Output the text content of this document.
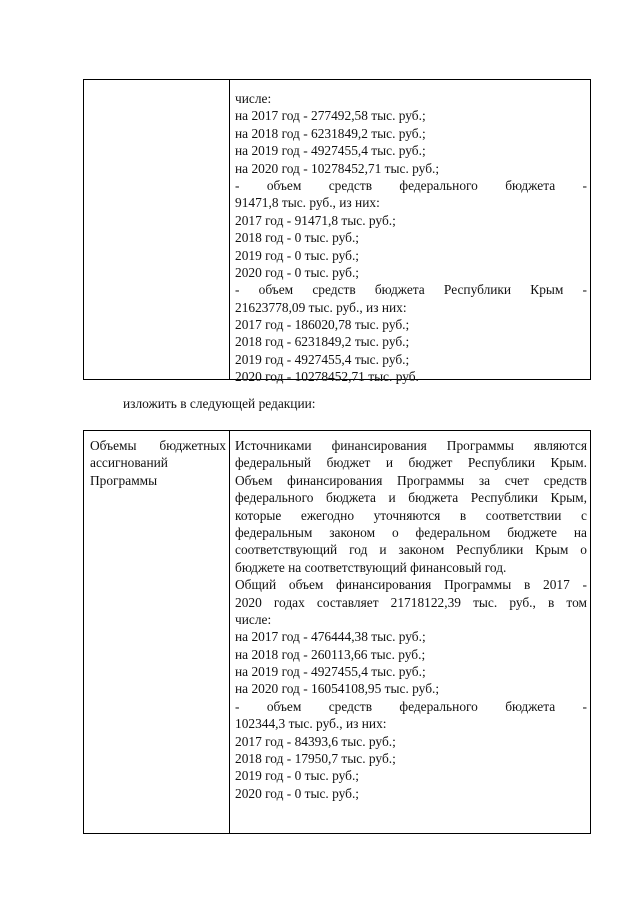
числе:
на 2017 год - 277492,58 тыс. руб.;
на 2018 год - 6231849,2 тыс. руб.;
на 2019 год - 4927455,4 тыс. руб.;
на 2020 год - 10278452,71 тыс. руб.;
- объем средств федерального бюджета -
91471,8 тыс. руб., из них:
2017 год - 91471,8 тыс. руб.;
2018 год - 0 тыс. руб.;
2019 год - 0 тыс. руб.;
2020 год - 0 тыс. руб.;
- объем средств бюджета Республики Крым -
21623778,09 тыс. руб., из них:
2017 год - 186020,78 тыс. руб.;
2018 год - 6231849,2 тыс. руб.;
2019 год - 4927455,4 тыс. руб.;
2020 год - 10278452,71 тыс. руб.
изложить в следующей редакции:
Объемы бюджетных
ассигнований
Программы
Источниками финансирования Программы являются
федеральный бюджет и бюджет Республики Крым.
Объем финансирования Программы за счет средств
федерального бюджета и бюджета Республики Крым,
которые ежегодно уточняются в соответствии с
федеральным законом о федеральном бюджете на
соответствующий год и законом Республики Крым о
бюджете на соответствующий финансовый год.
Общий объем финансирования Программы в 2017 -
2020 годах составляет 21718122,39 тыс. руб., в том
числе:
на 2017 год - 476444,38 тыс. руб.;
на 2018 год - 260113,66 тыс. руб.;
на 2019 год - 4927455,4 тыс. руб.;
на 2020 год - 16054108,95 тыс. руб.;
- объем средств федерального бюджета -
102344,3 тыс. руб., из них:
2017 год - 84393,6 тыс. руб.;
2018 год - 17950,7 тыс. руб.;
2019 год - 0 тыс. руб.;
2020 год - 0 тыс. руб.;
